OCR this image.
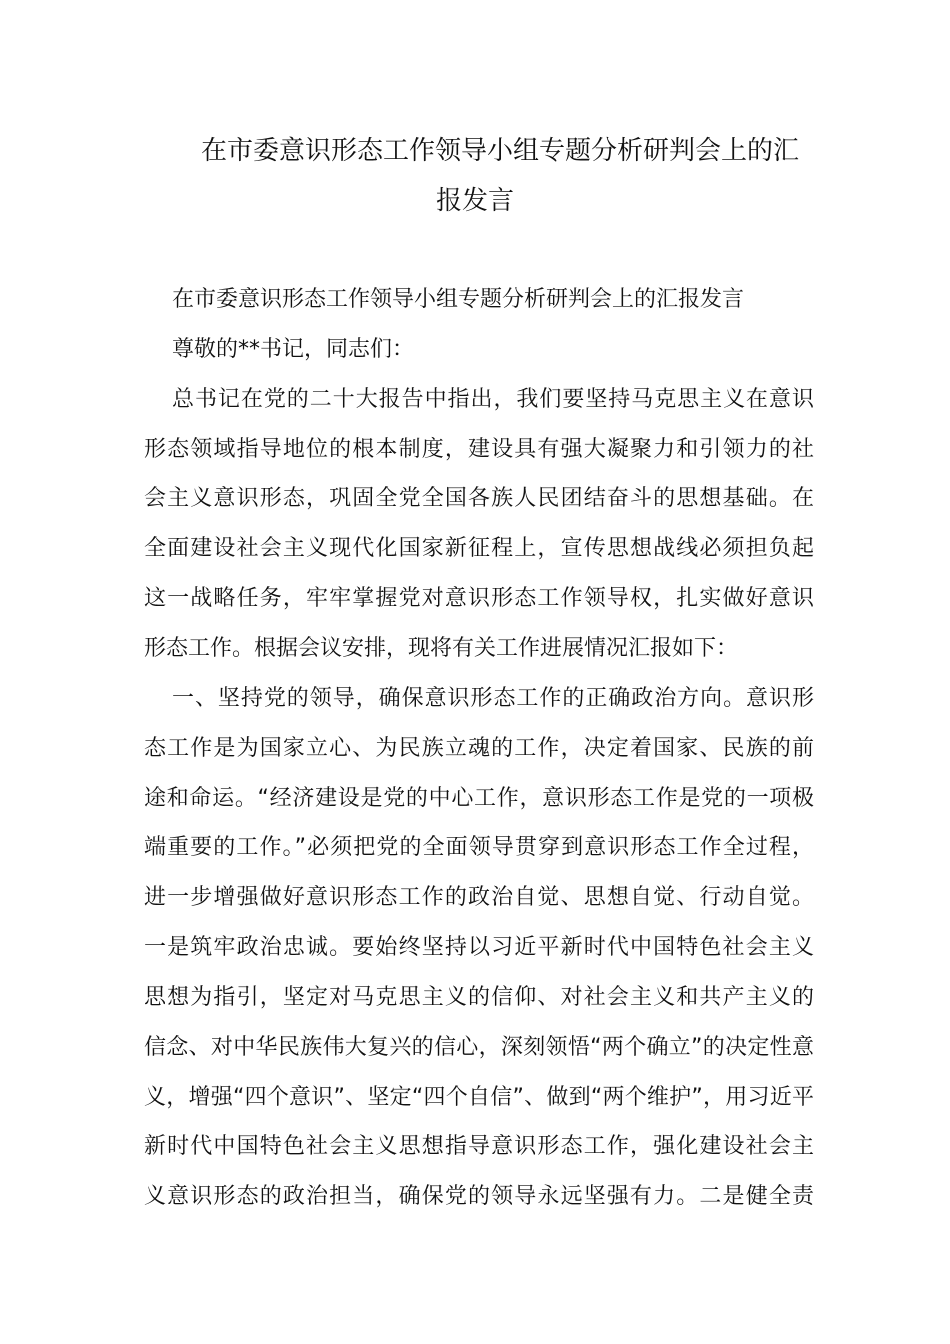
在市委意识形态工作领导小组专题分析研判会上的汇
报发言
在市委意识形态工作领导小组专题分析研判会上的汇报发言
尊敬的**书记，同志们：
总书记在党的二十大报告中指出，我们要坚持马克思主义在意识
形态领域指导地位的根本制度，建设具有强大凝聚力和引领力的社
会主义意识形态，巩固全党全国各族人民团结奋斗的思想基础。在
全面建设社会主义现代化国家新征程上，宣传思想战线必须担负起
这一战略任务，牢牢掌握党对意识形态工作领导权，扎实做好意识
形态工作。根据会议安排，现将有关工作进展情况汇报如下：
一、坚持党的领导，确保意识形态工作的正确政治方向。意识形
态工作是为国家立心、为民族立魂的工作，决定着国家、民族的前
途和命运。“经济建设是党的中心工作，意识形态工作是党的一项极
端重要的工作。”必须把党的全面领导贯穿到意识形态工作全过程，
进一步增强做好意识形态工作的政治自觉、思想自觉、行动自觉。
一是筑牢政治忠诚。要始终坚持以习近平新时代中国特色社会主义
思想为指引，坚定对马克思主义的信仰、对社会主义和共产主义的
信念、对中华民族伟大复兴的信心，深刻领悟“两个确立”的决定性意
义，增强“四个意识”、坚定“四个自信”、做到“两个维护”，用习近平
新时代中国特色社会主义思想指导意识形态工作，强化建设社会主
义意识形态的政治担当，确保党的领导永远坚强有力。二是健全责
